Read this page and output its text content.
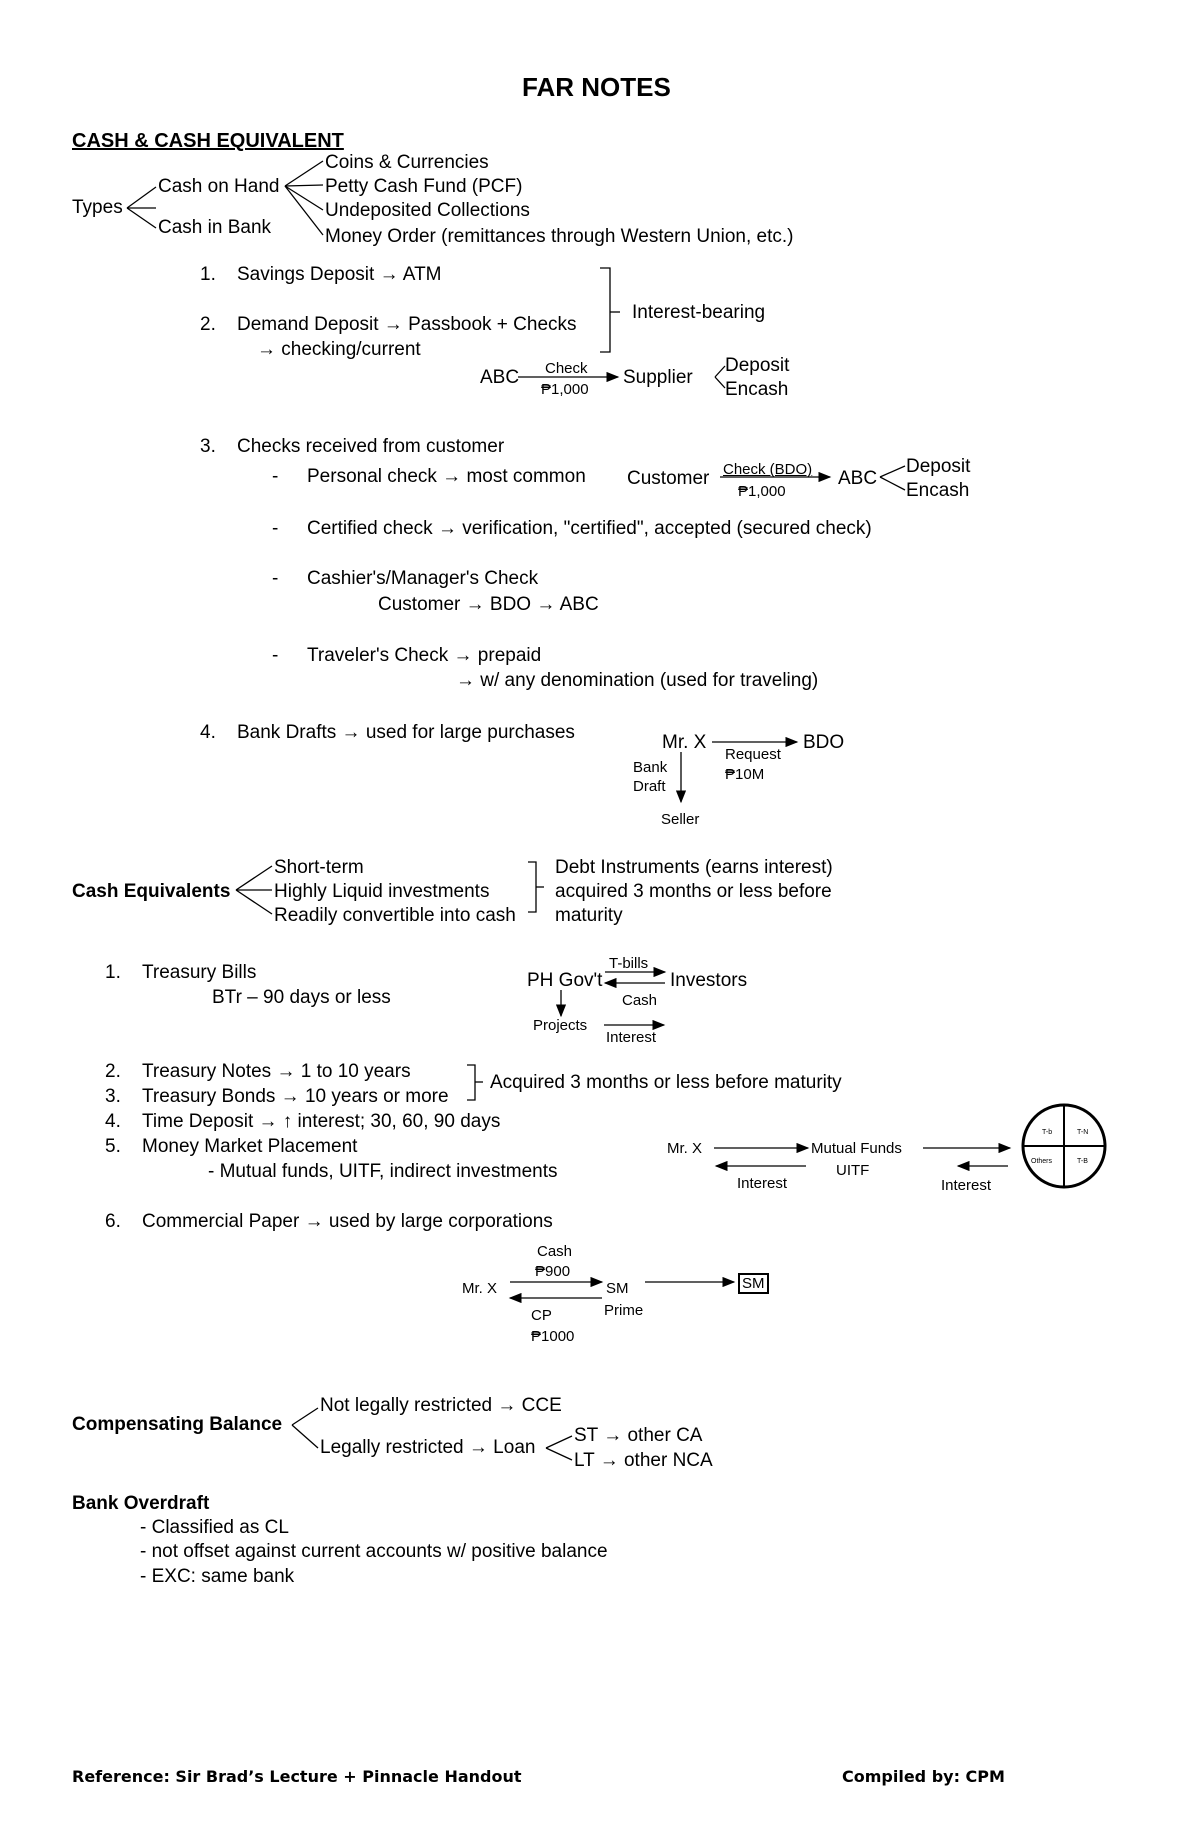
FAR NOTES
CASH & CASH EQUIVALENT
Types
Cash on Hand
Cash in Bank
Coins & Currencies
Petty Cash Fund (PCF)
Undeposited Collections
Money Order (remittances through Western Union, etc.)
1. Savings Deposit → ATM
2. Demand Deposit → Passbook + Checks
→ checking/current
Interest-bearing
ABC Check
₱1,000
Supplier
Deposit
Encash
3. Checks received from customer
- Personal check → most common Customer Check (BDO)
₱1,000
ABC
Deposit
Encash
- Certified check → verification, "certified", accepted (secured check)
- Cashier's/Manager's Check
Customer → BDO → ABC
- Traveler's Check → prepaid
→ w/ any denomination (used for traveling)
4. Bank Drafts → used for large purchases	Mr. X	BDO
Request
₱10M
Bank
Draft
Seller
Cash Equivalents
Short-term
Highly Liquid investments
Readily convertible into cash
Debt Instruments (earns interest)
acquired 3 months or less before
maturity
1. Treasury Bills
BTr – 90 days or less
PH Gov't	Investors
T-bills
Cash
Projects
Interest
2. Treasury Notes → 1 to 10 years
3. Treasury Bonds → 10 years or more
4. Time Deposit → ↑ interest; 30, 60, 90 days
5. Money Market Placement
Acquired 3 months or less before maturity
- Mutual funds, UITF, indirect investments
Mr. X	Mutual Funds
UITF
Interest	Interest
T-b	T-N
Others	T-B
6. Commercial Paper → used by large corporations
Cash
₱900
Mr. X	SM
Prime
CP
₱1000
SM
Compensating Balance
Not legally restricted → CCE
Legally restricted → Loan
ST → other CA
LT → other NCA
Bank Overdraft
- Classified as CL
- not offset against current accounts w/ positive balance
- EXC: same bank
Reference: Sir Brad’s Lecture + Pinnacle Handout	Compiled by: CPM
